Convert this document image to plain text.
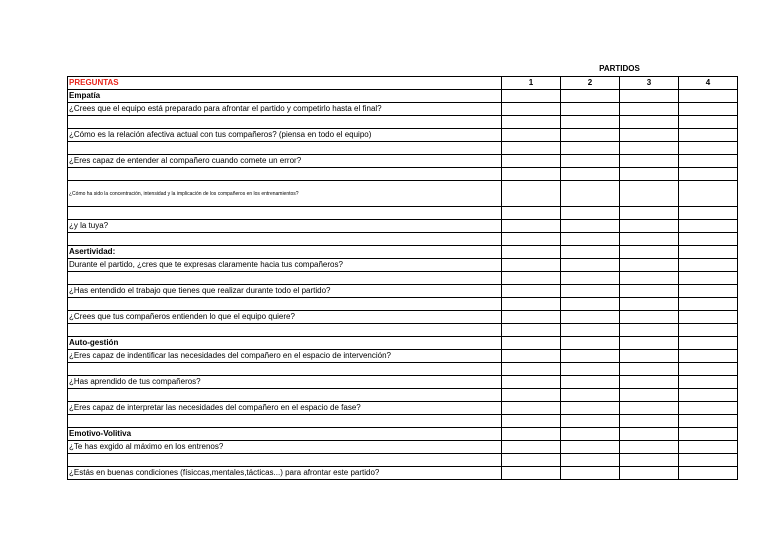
PARTIDOS
PREGUNTAS	1	2	3	4
Empatía				
¿Crees que el equipo está preparado para afrontar el partido y competirlo hasta el final?				

¿Cómo es la relación afectiva actual con tus compañeros? (piensa en todo el equipo)				

¿Eres capaz de entender al compañero cuando comete un error?				

¿Cómo ha sido la concentración, intensidad y la implicación de los compañeros en los entrenamientos?				

¿y la tuya?				

Asertividad:				
Durante el partido, ¿cres que te expresas claramente hacia tus compañeros?				

¿Has entendido el trabajo que tienes que realizar durante todo el partido?				

¿Crees que tus compañeros entienden lo que el equipo quiere?				

Auto-gestión				
¿Eres capaz de indentificar las necesidades del compañero en el espacio de intervención?				

¿Has aprendido de tus compañeros?				

¿Eres capaz de interpretar las necesidades del compañero en el espacio de fase?				

Emotivo-Volitiva				
¿Te has exgido al máximo en los entrenos?				

¿Estás en buenas condiciones (físiccas,mentales,tácticas...) para afrontar este partido?				
